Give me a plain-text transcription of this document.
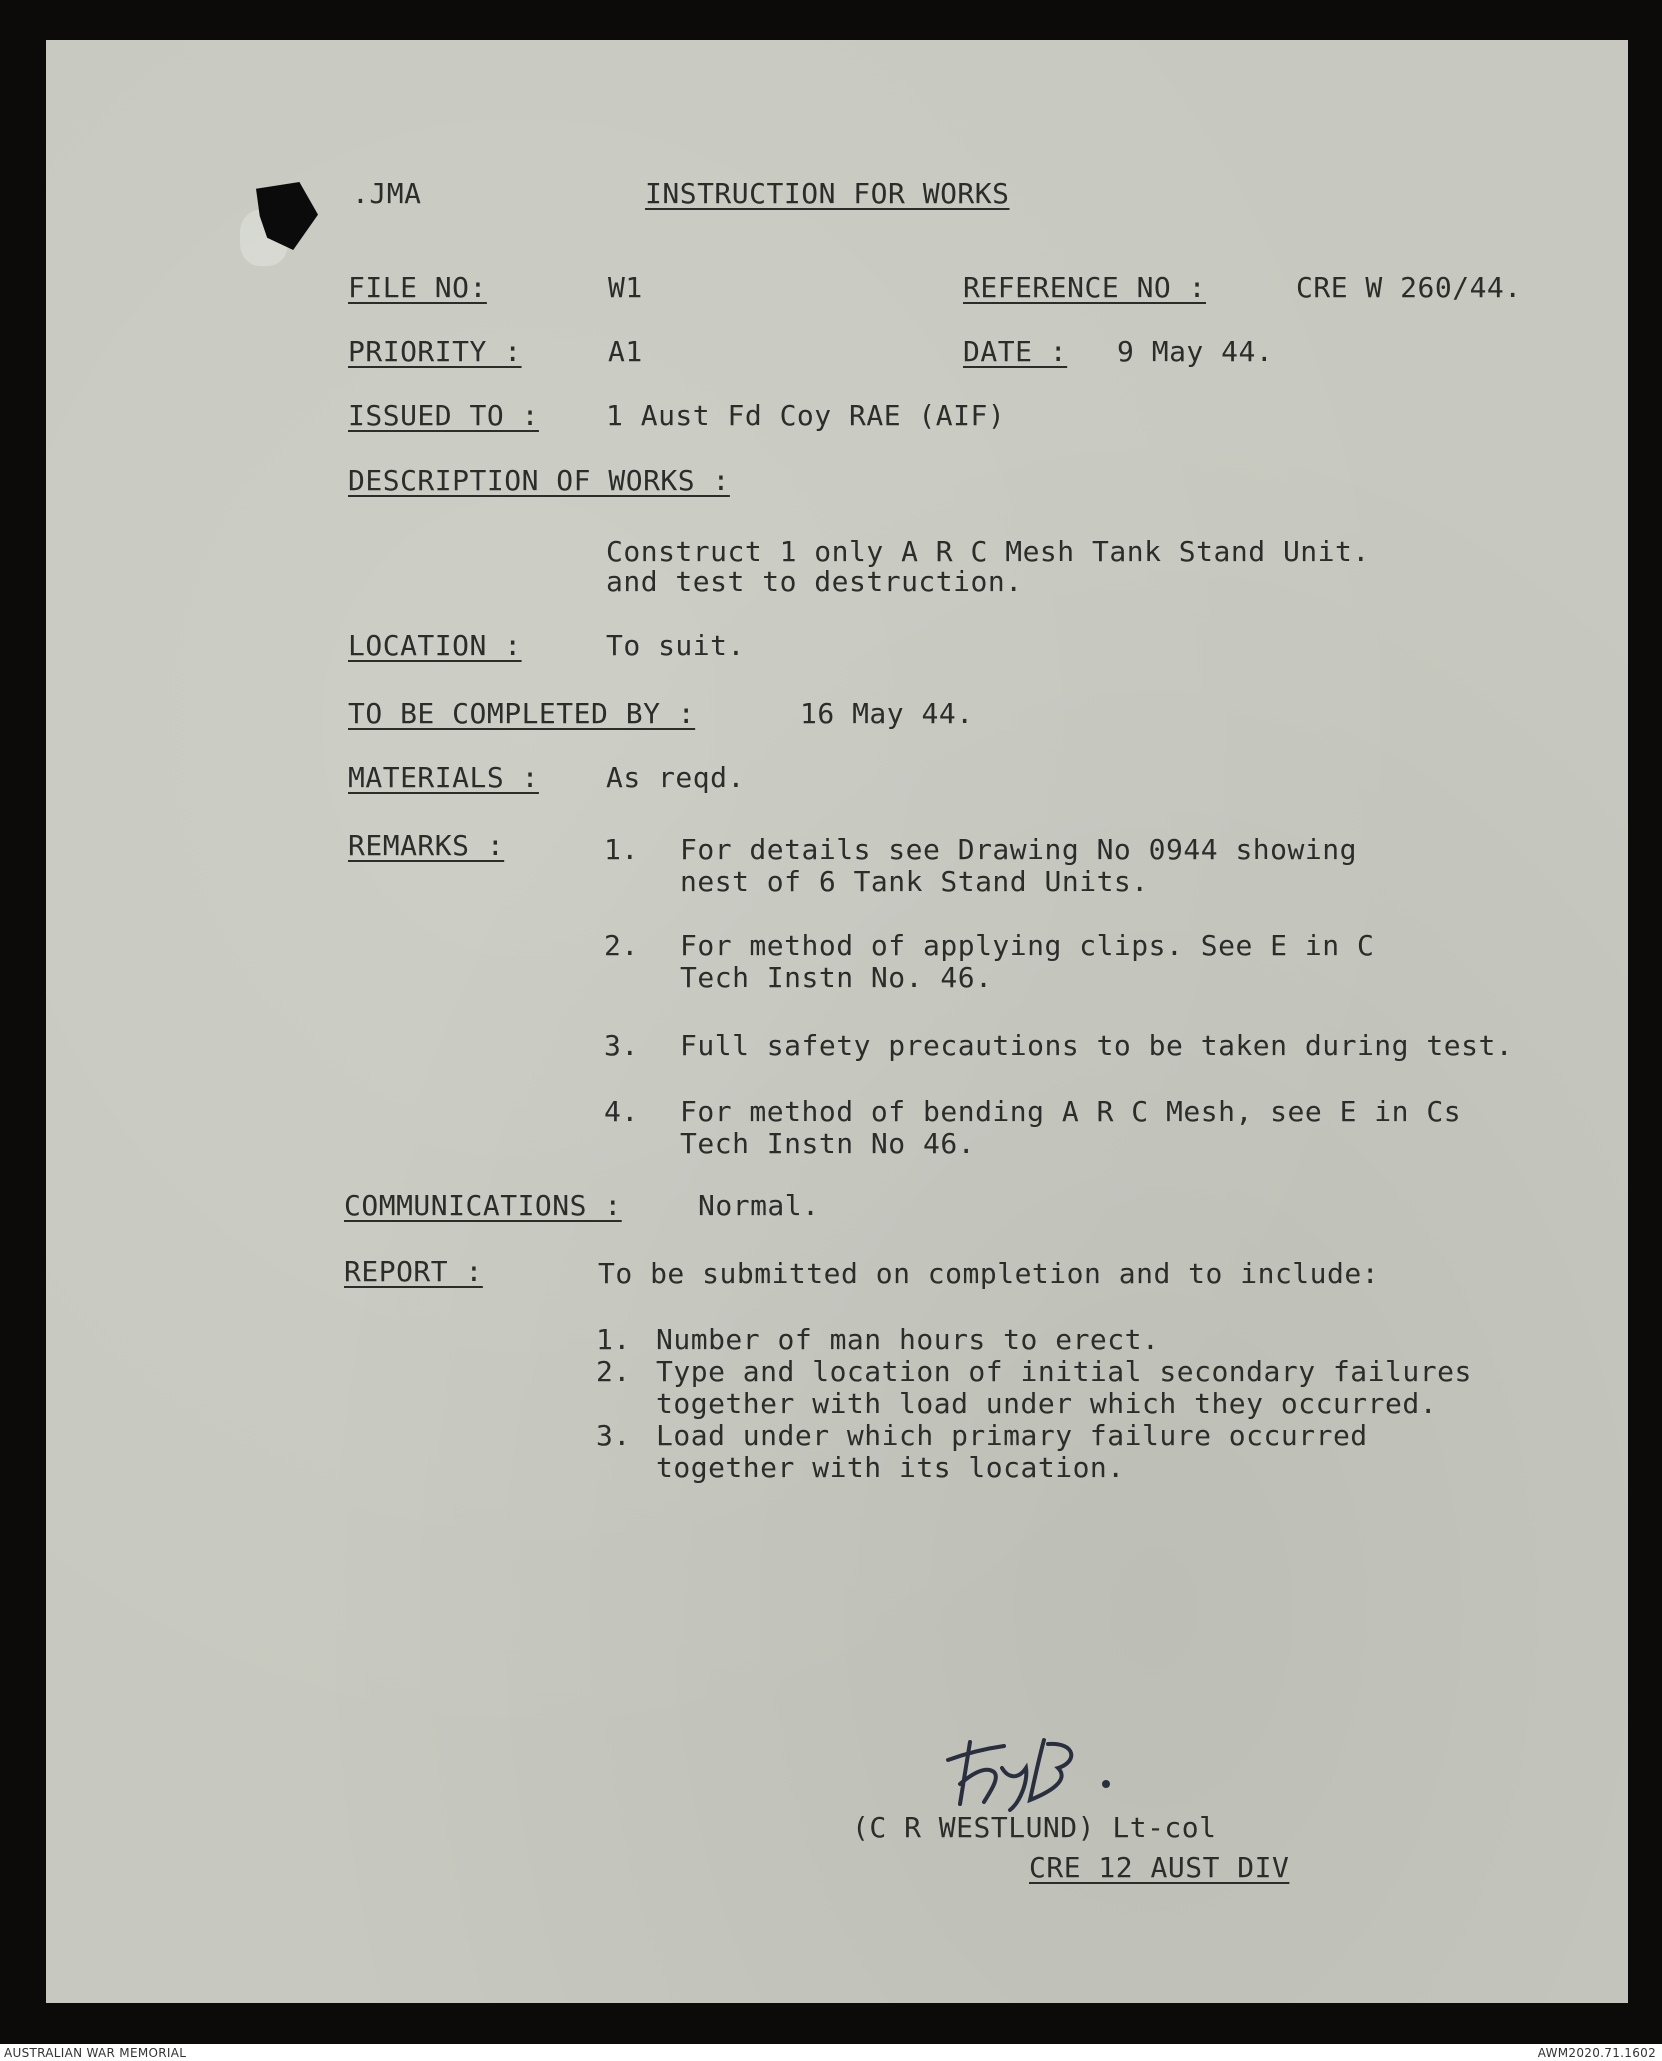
.JMA	INSTRUCTION FOR WORKS
FILE NO:	W1	REFERENCE NO :	CRE W 260/44.
PRIORITY :	A1	DATE : 9 May 44.
ISSUED TO : 1 Aust Fd Coy RAE (AIF)
DESCRIPTION OF WORKS :
Construct 1 only A R C Mesh Tank Stand Unit.
and test to destruction.
LOCATION :	To suit.
TO BE COMPLETED BY :	16 May 44.
MATERIALS : As reqd.
REMARKS :	1. For details see Drawing No 0944 showing
nest of 6 Tank Stand Units.
2. For method of applying clips. See E in C
Tech Instn No. 46.
3. Full safety precautions to be taken during test.
4. For method of bending A R C Mesh, see E in Cs
Tech Instn No 46.
COMMUNICATIONS :	Normal.
REPORT :	To be submitted on completion and to include:
1. Number of man hours to erect.
2. Type and location of initial secondary failures
together with load under which they occurred.
3. Load under which primary failure occurred
together with its location.
(C R WESTLUND) Lt-col
CRE 12 AUST DIV
AUSTRALIAN WAR MEMORIAL	AWM2020.71.1602
